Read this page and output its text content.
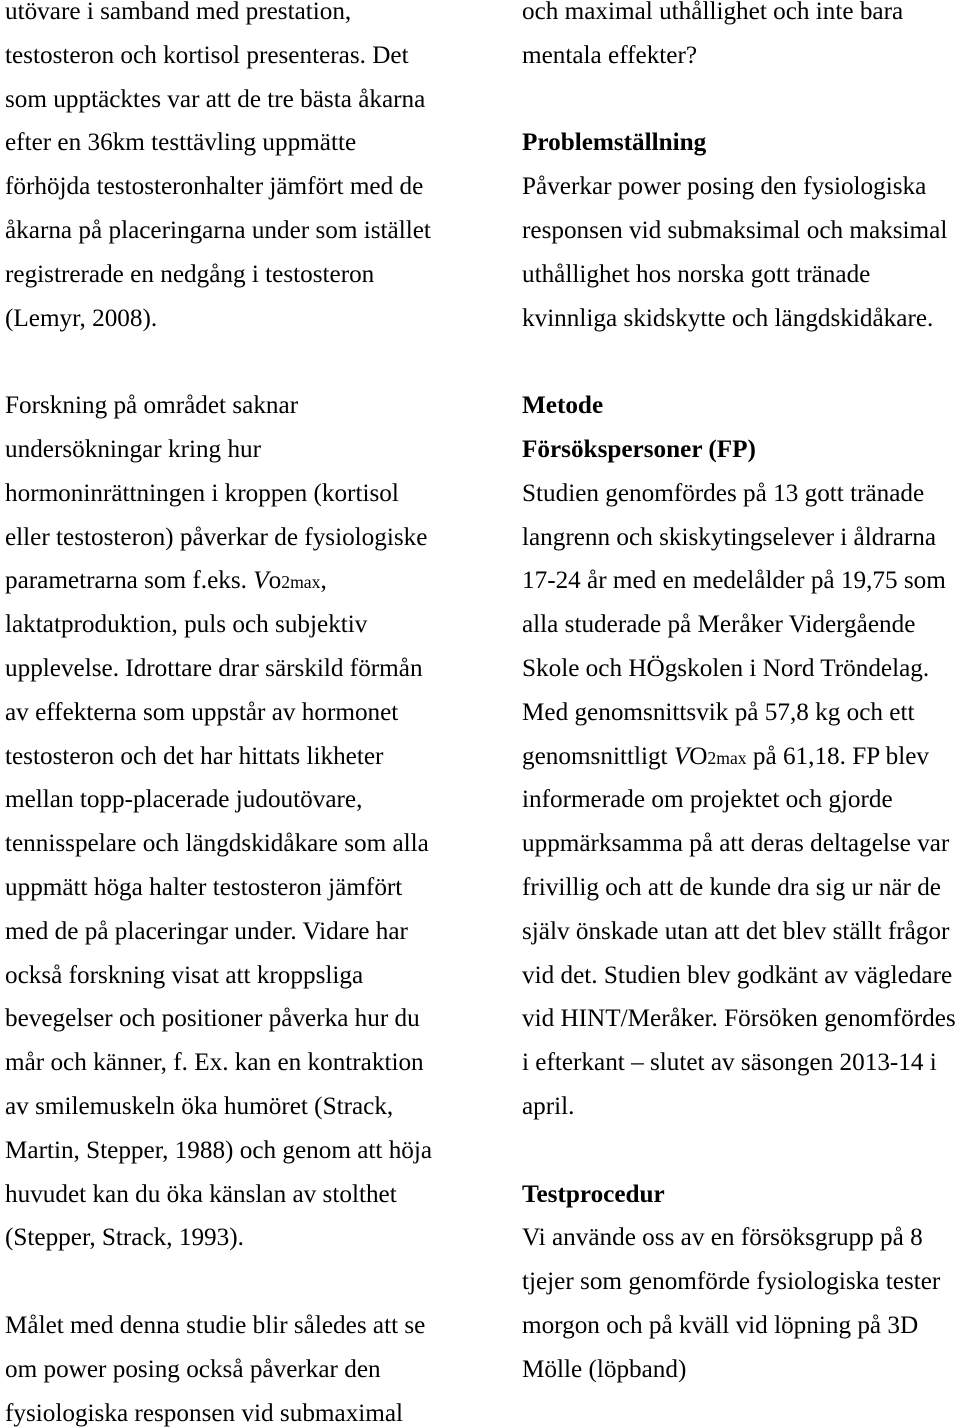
utövare i samband med prestation,
testosteron och kortisol presenteras. Det
som upptäcktes var att de tre bästa åkarna
efter en 36km testtävling uppmätte
förhöjda testosteronhalter jämfört med de
åkarna på placeringarna under som istället
registrerade en nedgång i testosteron
(Lemyr, 2008).
Forskning på området saknar
undersökningar kring hur
hormoninrättningen i kroppen (kortisol
eller testosteron) påverkar de fysiologiske
parametrarna som f.eks. Vo2max,
laktatproduktion, puls och subjektiv
upplevelse. Idrottare drar särskild förmån
av effekterna som uppstår av hormonet
testosteron och det har hittats likheter
mellan topp-placerade judoutövare,
tennisspelare och längdskidåkare som alla
uppmätt höga halter testosteron jämfört
med de på placeringar under. Vidare har
också forskning visat att kroppsliga
bevegelser och positioner påverka hur du
mår och känner, f. Ex. kan en kontraktion
av smilemuskeln öka humöret (Strack,
Martin, Stepper, 1988) och genom att höja
huvudet kan du öka känslan av stolthet
(Stepper, Strack, 1993).
Målet med denna studie blir således att se
om power posing också påverkar den
fysiologiska responsen vid submaximal
och maximal uthållighet och inte bara
mentala effekter?
Problemställning
Påverkar power posing den fysiologiska
responsen vid submaksimal och maksimal
uthållighet hos norska gott tränade
kvinnliga skidskytte och längdskidåkare.
Metode
Försökspersoner (FP)
Studien genomfördes på 13 gott tränade
langrenn och skiskytingselever i åldrarna
17-24 år med en medelålder på 19,75 som
alla studerade på Meråker Vidergående
Skole och HÖgskolen i Nord Tröndelag.
Med genomsnittsvik på 57,8 kg och ett
genomsnittligt VO2max på 61,18. FP blev
informerade om projektet och gjorde
uppmärksamma på att deras deltagelse var
frivillig och att de kunde dra sig ur när de
själv önskade utan att det blev ställt frågor
vid det. Studien blev godkänt av vägledare
vid HINT/Meråker. Försöken genomfördes
i efterkant – slutet av säsongen 2013-14 i
april.
Testprocedur
Vi använde oss av en försöksgrupp på 8
tjejer som genomförde fysiologiska tester
morgon och på kväll vid löpning på 3D
Mölle (löpband)
